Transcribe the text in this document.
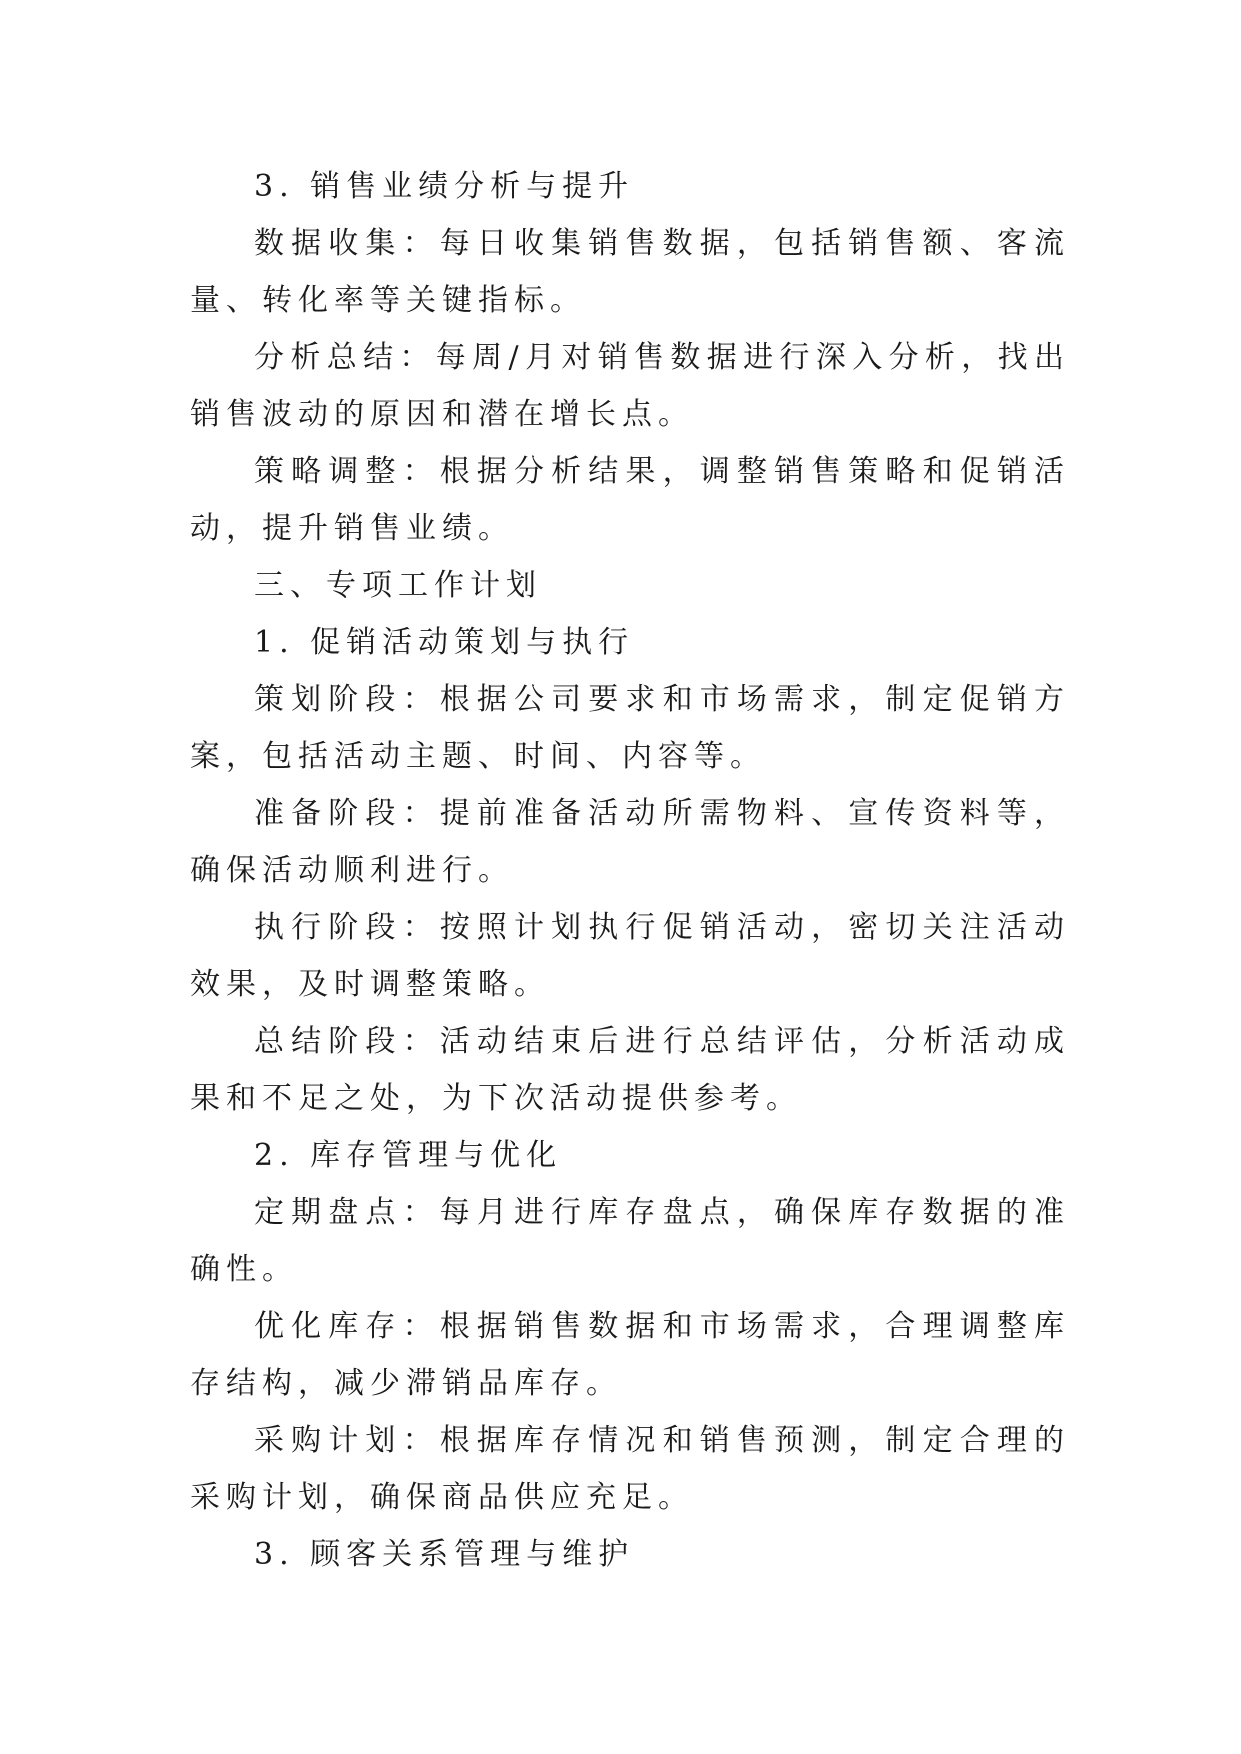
3. 销售业绩分析与提升

数据收集：每日收集销售数据，包括销售额、客流量、转化率等关键指标。

分析总结：每周/月对销售数据进行深入分析，找出销售波动的原因和潜在增长点。

策略调整：根据分析结果，调整销售策略和促销活动，提升销售业绩。

三、专项工作计划

1. 促销活动策划与执行

策划阶段：根据公司要求和市场需求，制定促销方案，包括活动主题、时间、内容等。

准备阶段：提前准备活动所需物料、宣传资料等，确保活动顺利进行。

执行阶段：按照计划执行促销活动，密切关注活动效果，及时调整策略。

总结阶段：活动结束后进行总结评估，分析活动成果和不足之处，为下次活动提供参考。

2. 库存管理与优化

定期盘点：每月进行库存盘点，确保库存数据的准确性。

优化库存：根据销售数据和市场需求，合理调整库存结构，减少滞销品库存。

采购计划：根据库存情况和销售预测，制定合理的采购计划，确保商品供应充足。

3. 顾客关系管理与维护
